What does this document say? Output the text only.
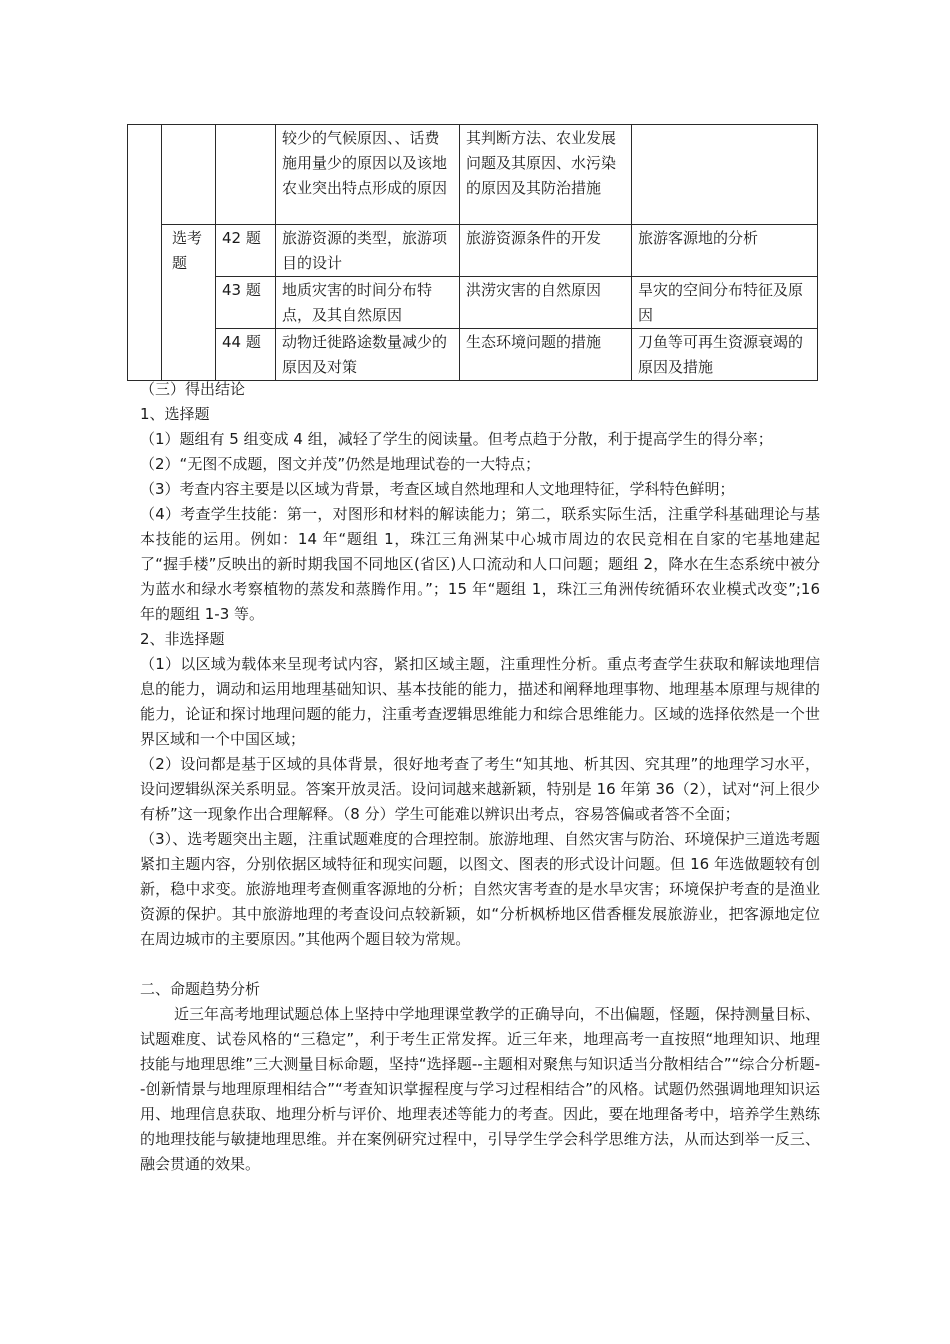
			较少的气候原因、、话费施用量少的原因以及该地农业突出特点形成的原因	其判断方法、农业发展问题及其原因、水污染的原因及其防治措施	
	选考题	42 题	旅游资源的类型，旅游项目的设计	旅游资源条件的开发	旅游客源地的分析
		43 题	地质灾害的时间分布特点，及其自然原因	洪涝灾害的自然原因	旱灾的空间分布特征及原因
		44 题	动物迁徙路途数量减少的原因及对策	生态环境问题的措施	刀鱼等可再生资源衰竭的原因及措施

（三）得出结论

1、选择题

（1）题组有 5 组变成 4 组，减轻了学生的阅读量。但考点趋于分散，利于提高学生的得分率；

（2）“无图不成题，图文并茂”仍然是地理试卷的一大特点；

（3）考查内容主要是以区域为背景，考查区域自然地理和人文地理特征，学科特色鲜明；

（4）考查学生技能：第一，对图形和材料的解读能力；第二，联系实际生活，注重学科基础理论与基本技能的运用。例如：14 年“题组 1，珠江三角洲某中心城市周边的农民竞相在自家的宅基地建起了“握手楼”反映出的新时期我国不同地区(省区)人口流动和人口问题；题组 2，降水在生态系统中被分为蓝水和绿水考察植物的蒸发和蒸腾作用。”；15 年“题组 1，珠江三角洲传统循环农业模式改变”;16 年的题组 1-3 等。

2、非选择题

（1）以区域为载体来呈现考试内容，紧扣区域主题，注重理性分析。重点考查学生获取和解读地理信息的能力，调动和运用地理基础知识、基本技能的能力，描述和阐释地理事物、地理基本原理与规律的能力，论证和探讨地理问题的能力，注重考查逻辑思维能力和综合思维能力。区域的选择依然是一个世界区域和一个中国区域；

（2）设问都是基于区域的具体背景，很好地考查了考生“知其地、析其因、究其理”的地理学习水平，设问逻辑纵深关系明显。答案开放灵活。设问词越来越新颖，特别是 16 年第 36（2），试对“河上很少有桥”这一现象作出合理解释。（8 分）学生可能难以辨识出考点，容易答偏或者答不全面；

（3）、选考题突出主题，注重试题难度的合理控制。旅游地理、自然灾害与防治、环境保护三道选考题紧扣主题内容，分别依据区域特征和现实问题，以图文、图表的形式设计问题。但 16 年选做题较有创新，稳中求变。旅游地理考查侧重客源地的分析；自然灾害考查的是水旱灾害；环境保护考查的是渔业资源的保护。其中旅游地理的考查设问点较新颖，如“分析枫桥地区借香榧发展旅游业，把客源地定位在周边城市的主要原因。”其他两个题目较为常规。

二、命题趋势分析

近三年高考地理试题总体上坚持中学地理课堂教学的正确导向，不出偏题，怪题，保持测量目标、试题难度、试卷风格的“三稳定”，利于考生正常发挥。近三年来，地理高考一直按照“地理知识、地理技能与地理思维”三大测量目标命题，坚持“选择题--主题相对聚焦与知识适当分散相结合”“综合分析题--创新情景与地理原理相结合”“考查知识掌握程度与学习过程相结合”的风格。试题仍然强调地理知识运用、地理信息获取、地理分析与评价、地理表述等能力的考查。因此，要在地理备考中，培养学生熟练的地理技能与敏捷地理思维。并在案例研究过程中，引导学生学会科学思维方法，从而达到举一反三、融会贯通的效果。
